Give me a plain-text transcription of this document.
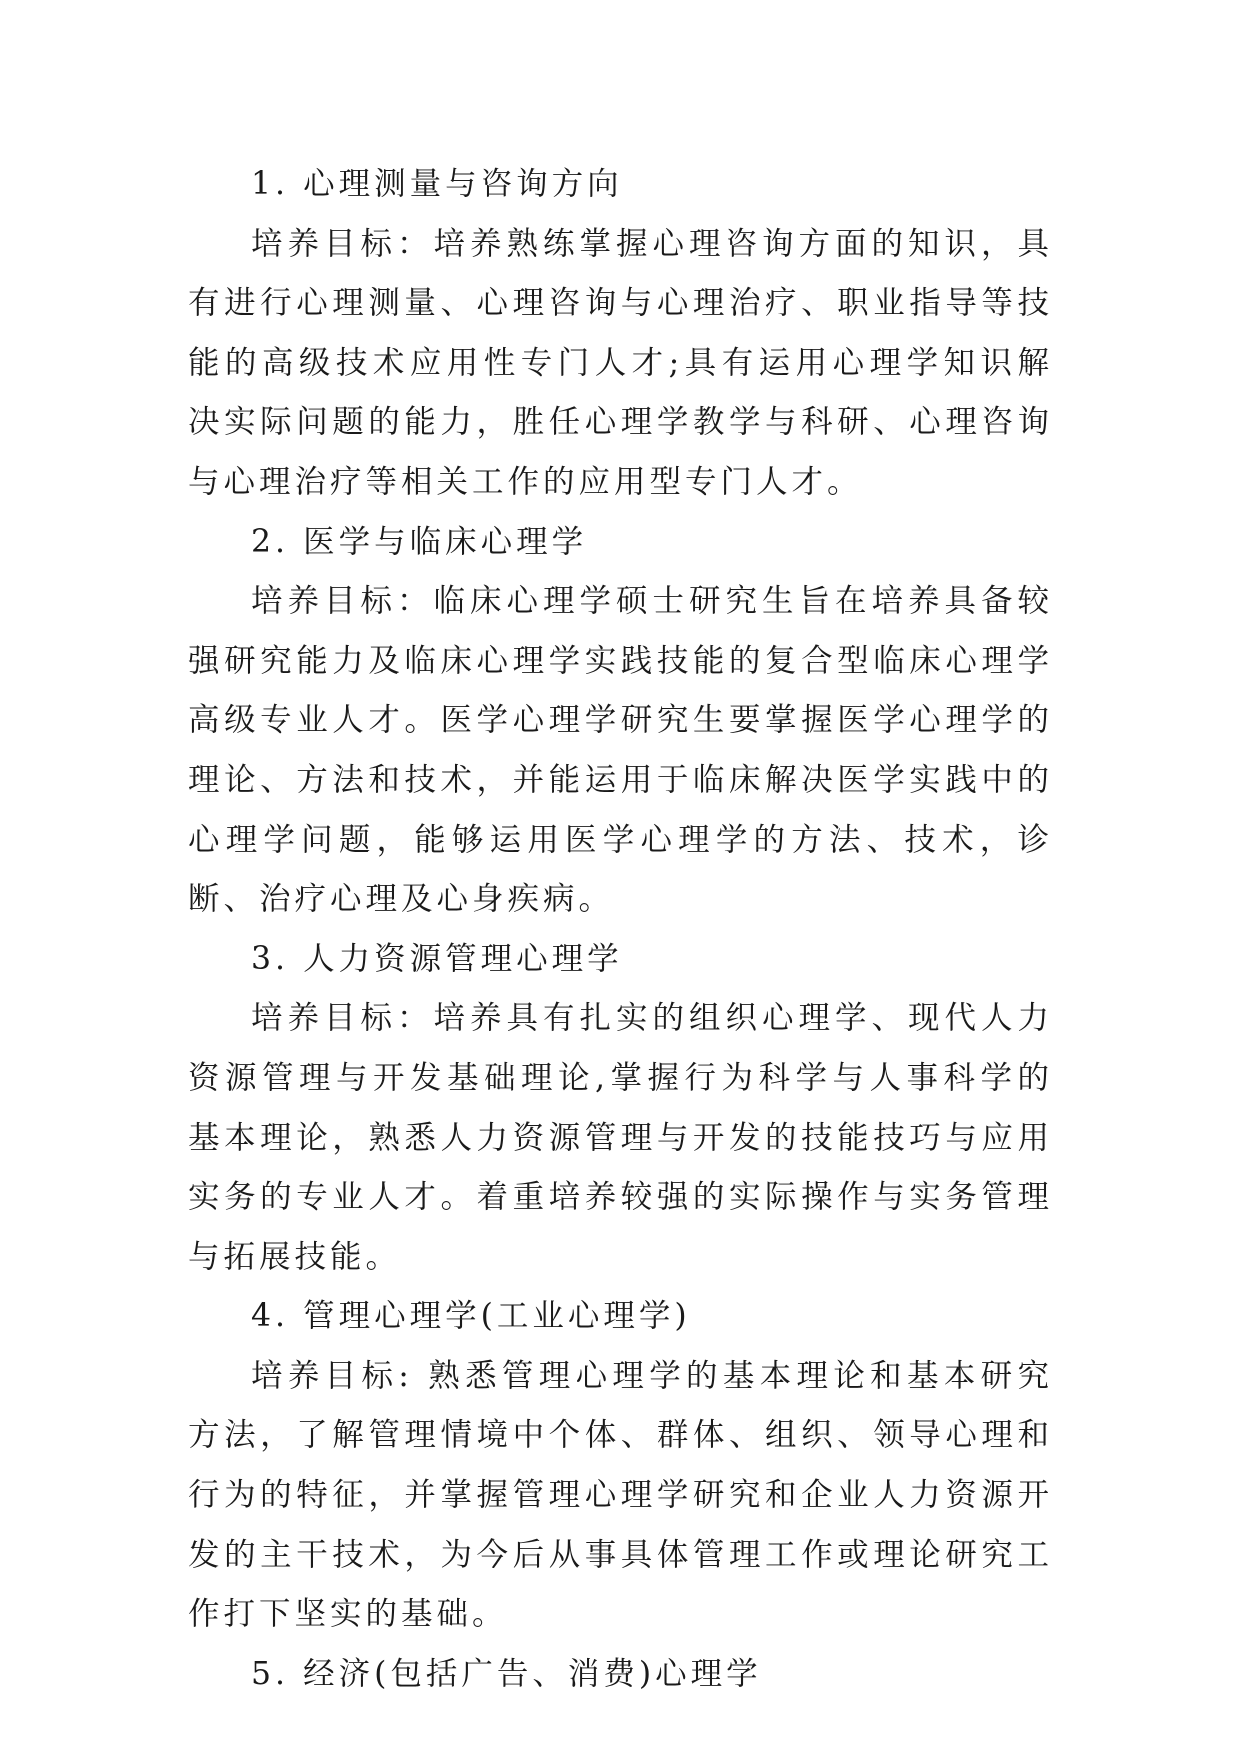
1. 心理测量与咨询方向

培养目标：培养熟练掌握心理咨询方面的知识，具有进行心理测量、心理咨询与心理治疗、职业指导等技能的高级技术应用性专门人才;具有运用心理学知识解决实际问题的能力，胜任心理学教学与科研、心理咨询与心理治疗等相关工作的应用型专门人才。

2. 医学与临床心理学

培养目标：临床心理学硕士研究生旨在培养具备较强研究能力及临床心理学实践技能的复合型临床心理学高级专业人才。医学心理学研究生要掌握医学心理学的理论、方法和技术，并能运用于临床解决医学实践中的心理学问题，能够运用医学心理学的方法、技术，诊断、治疗心理及心身疾病。

3. 人力资源管理心理学

培养目标：培养具有扎实的组织心理学、现代人力资源管理与开发基础理论,掌握行为科学与人事科学的基本理论，熟悉人力资源管理与开发的技能技巧与应用实务的专业人才。着重培养较强的实际操作与实务管理与拓展技能。

4. 管理心理学(工业心理学)

培养目标: 熟悉管理心理学的基本理论和基本研究方法，了解管理情境中个体、群体、组织、领导心理和行为的特征，并掌握管理心理学研究和企业人力资源开发的主干技术，为今后从事具体管理工作或理论研究工作打下坚实的基础。

5. 经济(包括广告、消费)心理学
